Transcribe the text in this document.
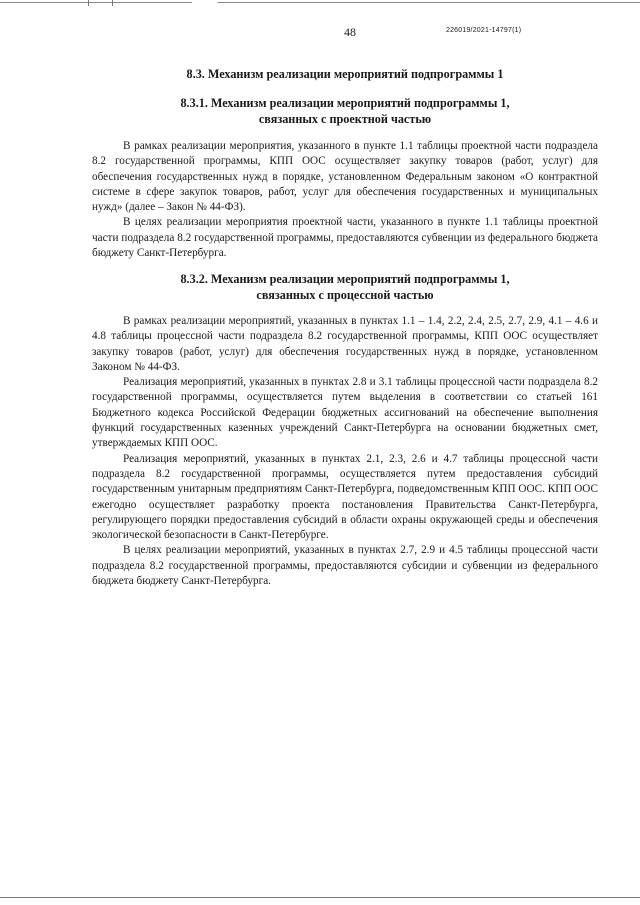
48	226019/2021-14797(1)
8.3. Механизм реализации мероприятий подпрограммы 1
8.3.1. Механизм реализации мероприятий подпрограммы 1,
связанных с проектной частью

В рамках реализации мероприятия, указанного в пункте 1.1 таблицы проектной части подраздела 8.2 государственной программы, КПП ООС осуществляет закупку товаров (работ, услуг) для обеспечения государственных нужд в порядке, установленном Федеральным законом «О контрактной системе в сфере закупок товаров, работ, услуг для обеспечения государственных и муниципальных нужд» (далее – Закон № 44-ФЗ).

В целях реализации мероприятия проектной части, указанного в пункте 1.1 таблицы проектной части подраздела 8.2 государственной программы, предоставляются субвенции из федерального бюджета бюджету Санкт-Петербурга.

8.3.2. Механизм реализации мероприятий подпрограммы 1,
связанных с процессной частью

В рамках реализации мероприятий, указанных в пунктах 1.1 – 1.4, 2.2, 2.4, 2.5, 2.7, 2.9, 4.1 – 4.6 и 4.8 таблицы процессной части подраздела 8.2 государственной программы, КПП ООС осуществляет закупку товаров (работ, услуг) для обеспечения государственных нужд в порядке, установленном Законом № 44-ФЗ.

Реализация мероприятий, указанных в пунктах 2.8 и 3.1 таблицы процессной части подраздела 8.2 государственной программы, осуществляется путем выделения в соответствии со статьей 161 Бюджетного кодекса Российской Федерации бюджетных ассигнований на обеспечение выполнения функций государственных казенных учреждений Санкт-Петербурга на основании бюджетных смет, утверждаемых КПП ООС.

Реализация мероприятий, указанных в пунктах 2.1, 2.3, 2.6 и 4.7 таблицы процессной части подраздела 8.2 государственной программы, осуществляется путем предоставления субсидий государственным унитарным предприятиям Санкт-Петербурга, подведомственным КПП ООС. КПП ООС ежегодно осуществляет разработку проекта постановления Правительства Санкт-Петербурга, регулирующего порядки предоставления субсидий в области охраны окружающей среды и обеспечения экологической безопасности в Санкт-Петербурге.

В целях реализации мероприятий, указанных в пунктах 2.7, 2.9 и 4.5 таблицы процессной части подраздела 8.2 государственной программы, предоставляются субсидии и субвенции из федерального бюджета бюджету Санкт-Петербурга.
